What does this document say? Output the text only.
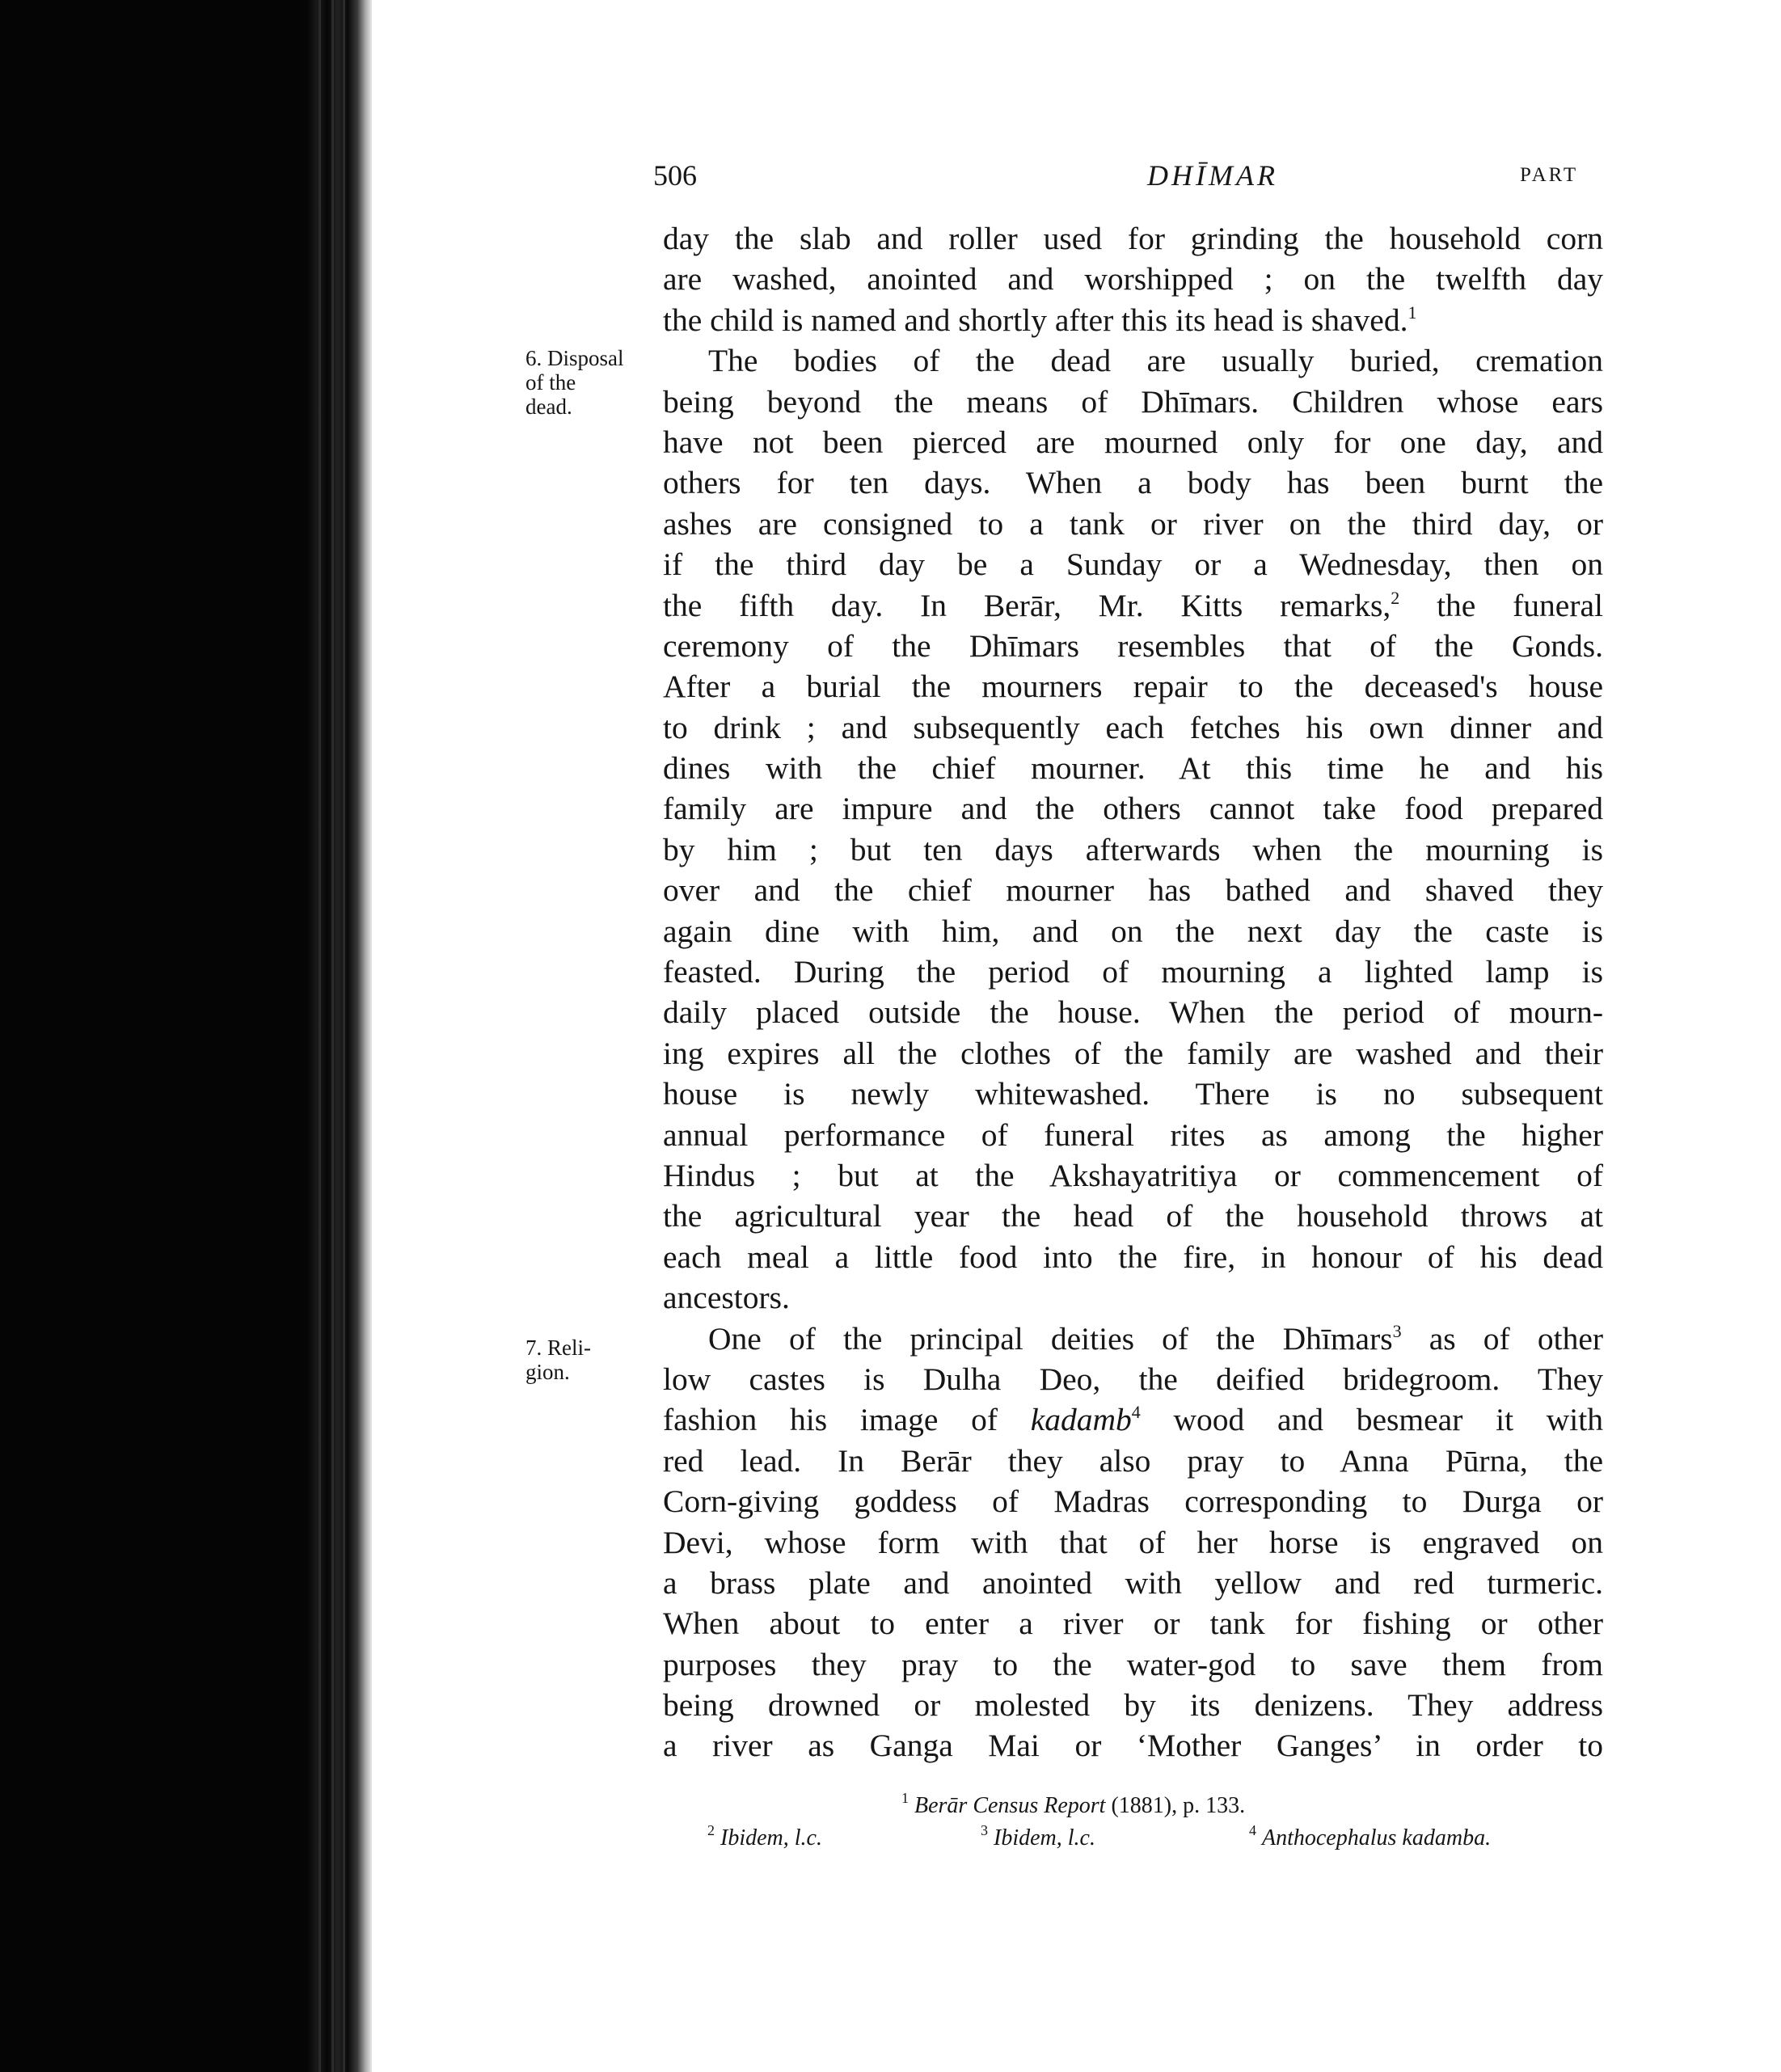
506	DHĪMAR	PART
6. Disposal
of the
dead.
7. Reli-
gion.
day the slab and roller used for grinding the household corn
are washed, anointed and worshipped ; on the twelfth day
the child is named and shortly after this its head is shaved.$^1$
The bodies of the dead are usually buried, cremation
being beyond the means of Dhīmars. Children whose ears
have not been pierced are mourned only for one day, and
others for ten days. When a body has been burnt the
ashes are consigned to a tank or river on the third day, or
if the third day be a Sunday or a Wednesday, then on
the fifth day. In Berār, Mr. Kitts remarks,$^2$ the funeral
ceremony of the Dhīmars resembles that of the Gonds.
After a burial the mourners repair to the deceased's house
to drink ; and subsequently each fetches his own dinner and
dines with the chief mourner. At this time he and his
family are impure and the others cannot take food prepared
by him ; but ten days afterwards when the mourning is
over and the chief mourner has bathed and shaved they
again dine with him, and on the next day the caste is
feasted. During the period of mourning a lighted lamp is
daily placed outside the house. When the period of mourn-
ing expires all the clothes of the family are washed and their
house is newly whitewashed. There is no subsequent
annual performance of funeral rites as among the higher
Hindus ; but at the Akshayatritiya or commencement of
the agricultural year the head of the household throws at
each meal a little food into the fire, in honour of his dead
ancestors.
One of the principal deities of the Dhīmars$^3$ as of other
low castes is Dulha Deo, the deified bridegroom. They
fashion his image of kadamb$^4$ wood and besmear it with
red lead. In Berār they also pray to Anna Pūrna, the
Corn-giving goddess of Madras corresponding to Durga or
Devi, whose form with that of her horse is engraved on
a brass plate and anointed with yellow and red turmeric.
When about to enter a river or tank for fishing or other
purposes they pray to the water-god to save them from
being drowned or molested by its denizens. They address
a river as Ganga Mai or ‘Mother Ganges’ in order to
$^1$ Berār Census Report (1881), p. 133.
$^2$ Ibidem, l.c.	$^3$ Ibidem, l.c.	$^4$ Anthocephalus kadamba.
